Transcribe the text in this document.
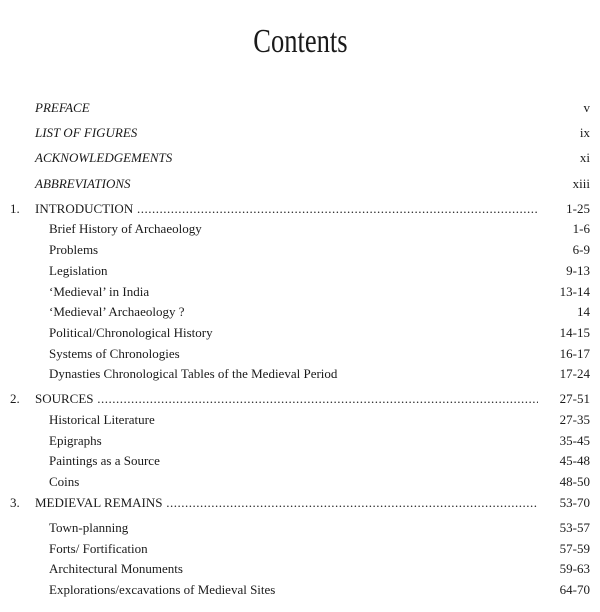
Contents
PREFACE	v
LIST OF FIGURES	ix
ACKNOWLEDGEMENTS	xi
ABBREVIATIONS	xiii
1. INTRODUCTION .....	1-25
Brief History of Archaeology	1-6
Problems	6-9
Legislation	9-13
‘Medieval’ in India	13-14
‘Medieval’ Archaeology ?	14
Political/Chronological History	14-15
Systems of Chronologies	16-17
Dynasties Chronological Tables of the Medieval Period	17-24
2. SOURCES .....	27-51
Historical Literature	27-35
Epigraphs	35-45
Paintings as a Source	45-48
Coins	48-50
3. MEDIEVAL REMAINS .....	53-70
Town-planning	53-57
Forts/ Fortification	57-59
Architectural Monuments	59-63
Explorations/excavations of Medieval Sites	64-70
